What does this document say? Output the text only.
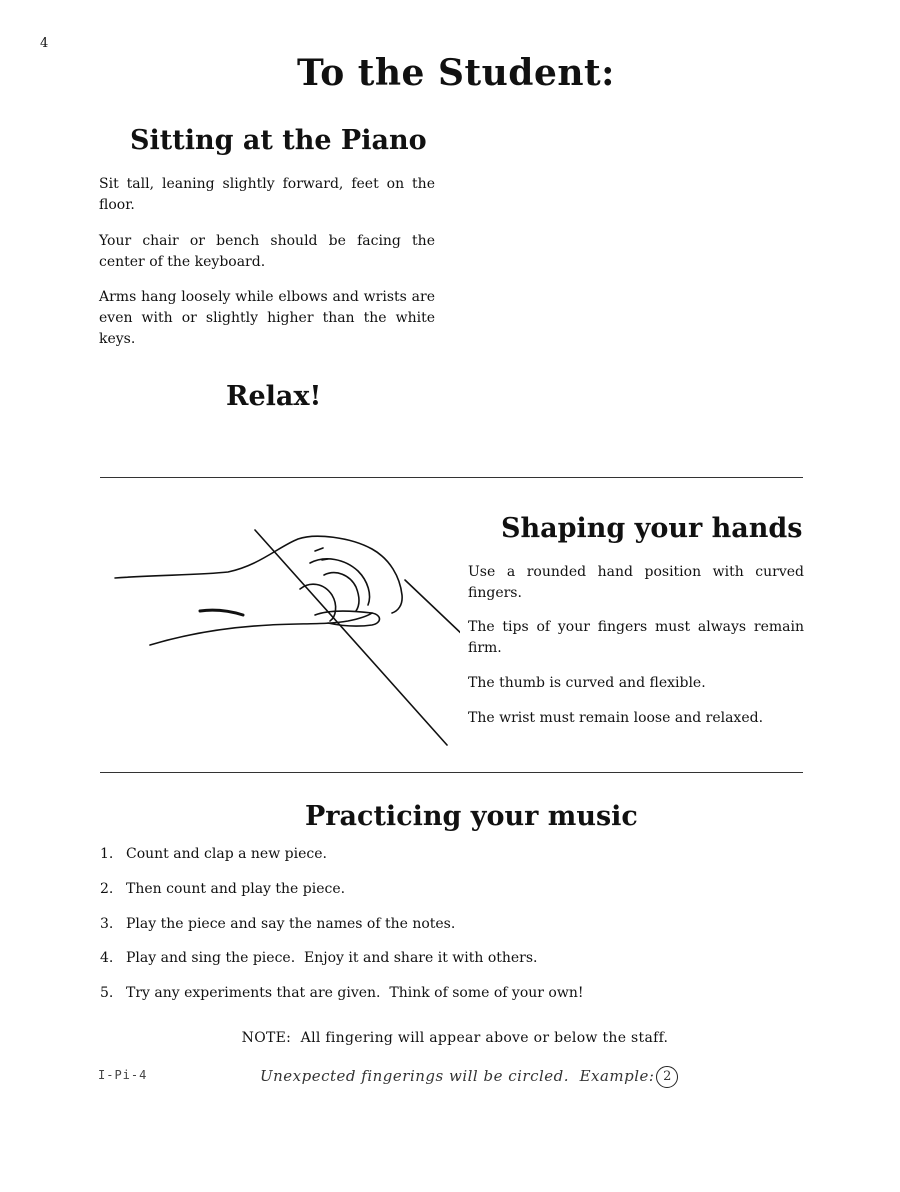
4
To the Student:
Sitting at the Piano
Sit tall, leaning slightly forward, feet on the floor.
Your chair or bench should be facing the center of the keyboard.
Arms hang loosely while elbows and wrists are even with or slightly higher than the white keys.
Relax!
Shaping your hands
Use a rounded hand position with curved fingers.
The tips of your fingers must always remain firm.
The thumb is curved and flexible.
The wrist must remain loose and relaxed.
Practicing your music
1. Count and clap a new piece.
2. Then count and play the piece.
3. Play the piece and say the names of the notes.
4. Play and sing the piece.  Enjoy it and share it with others.
5. Try any experiments that are given.  Think of some of your own!
NOTE:  All fingering will appear above or below the staff.
I-Pi-4	Unexpected fingerings will be circled.  Example: 2
